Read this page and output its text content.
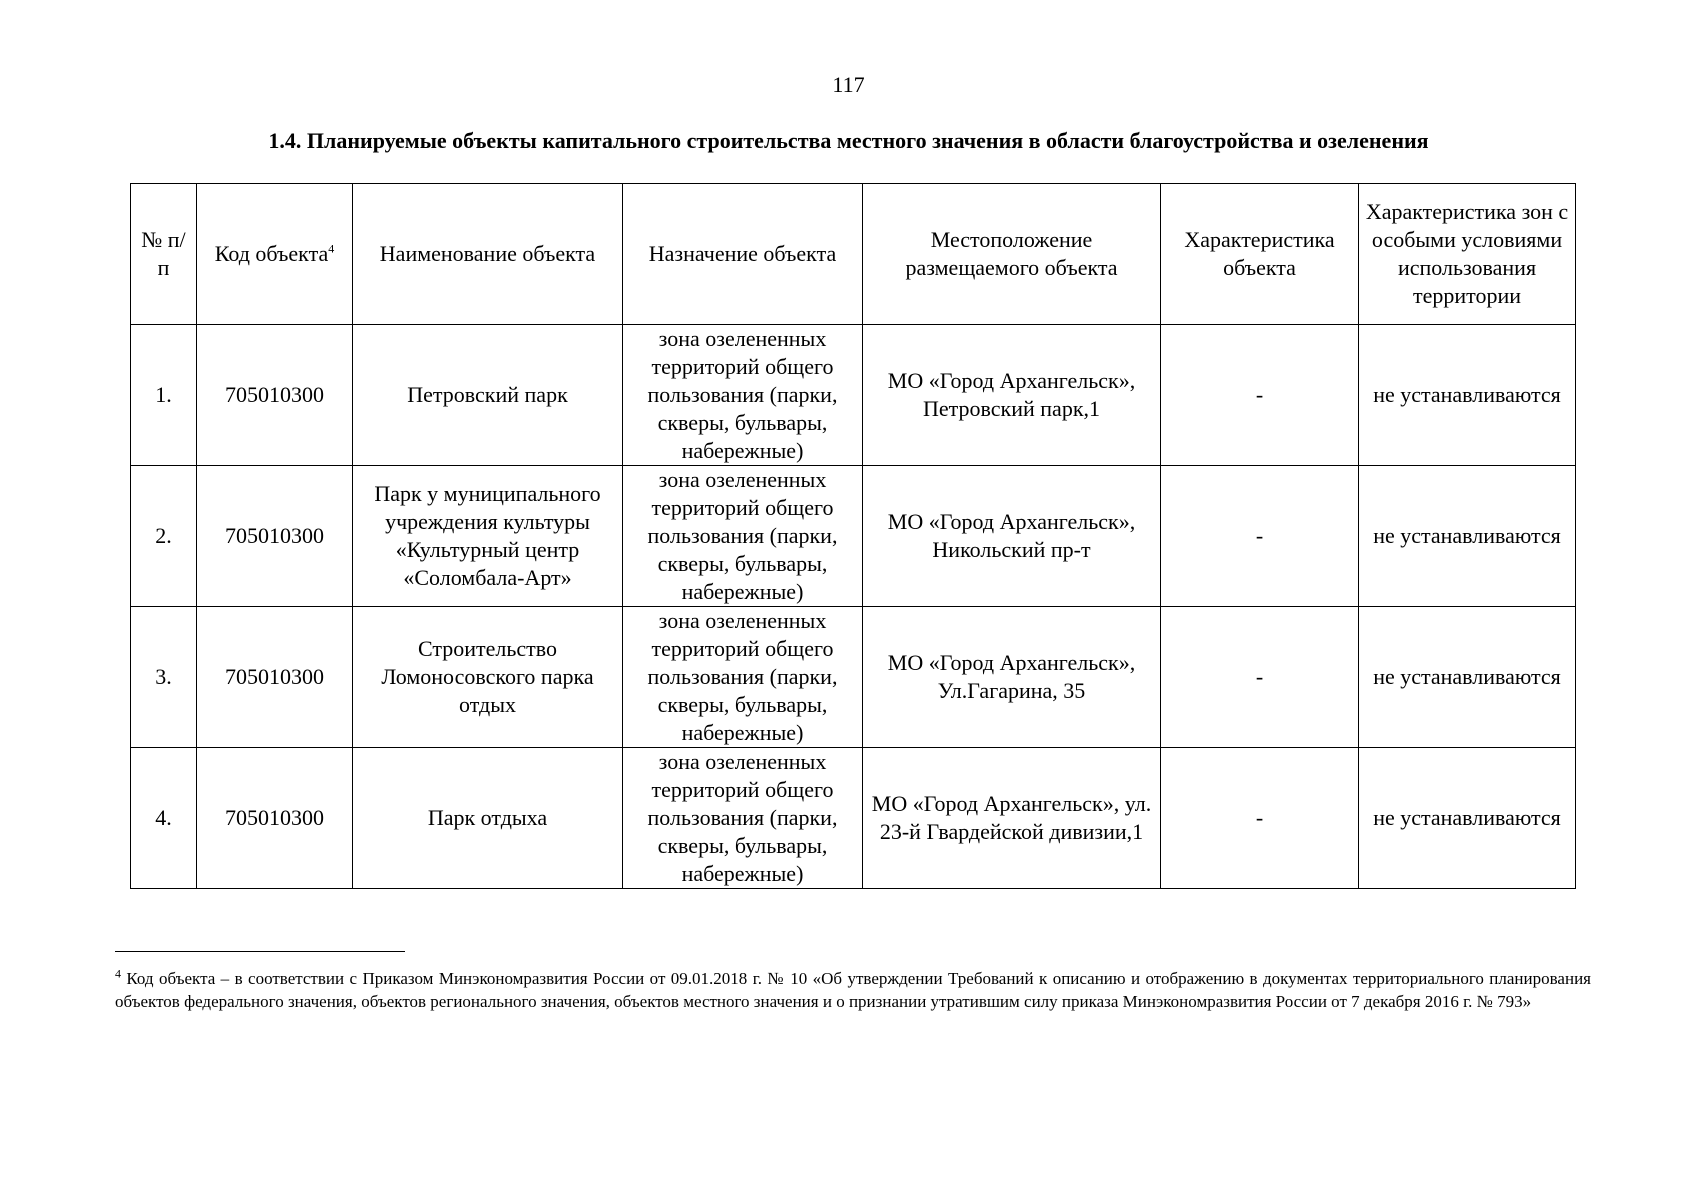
117
1.4. Планируемые объекты капитального строительства местного значения в области благоустройства и озеленения
№ п/п	Код объекта$^4$	Наименование объекта	Назначение объекта	Местоположение размещаемого объекта	Характеристика объекта	Характеристика зон с особыми условиями использования территории
1.	705010300	Петровский парк	зона озелененных территорий общего пользования (парки, скверы, бульвары, набережные)	МО «Город Архангельск», Петровский парк,1	-	не устанавливаются
2.	705010300	Парк у муниципального учреждения культуры «Культурный центр «Соломбала-Арт»	зона озелененных территорий общего пользования (парки, скверы, бульвары, набережные)	МО «Город Архангельск», Никольский пр-т	-	не устанавливаются
3.	705010300	Строительство Ломоносовского парка отдых	зона озелененных территорий общего пользования (парки, скверы, бульвары, набережные)	МО «Город Архангельск», Ул.Гагарина, 35	-	не устанавливаются
4.	705010300	Парк отдыха	зона озелененных территорий общего пользования (парки, скверы, бульвары, набережные)	МО «Город Архангельск», ул. 23-й Гвардейской дивизии,1	-	не устанавливаются
$^4$ Код объекта – в соответствии с Приказом Минэкономразвития России от 09.01.2018 г. № 10 «Об утверждении Требований к описанию и отображению в документах территориального планирования объектов федерального значения, объектов регионального значения, объектов местного значения и о признании утратившим силу приказа Минэкономразвития России от 7 декабря 2016 г. № 793»
